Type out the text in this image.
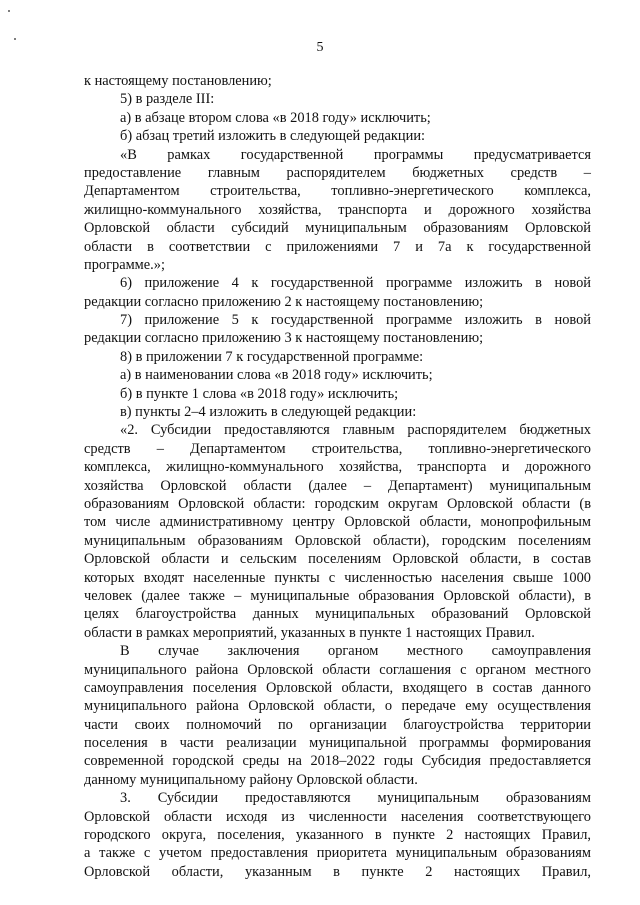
5
к настоящему постановлению;
5) в разделе III:
а) в абзаце втором слова «в 2018 году» исключить;
б) абзац третий изложить в следующей редакции:
«В рамках государственной программы предусматривается
предоставление главным распорядителем бюджетных средств –
Департаментом строительства, топливно-энергетического комплекса,
жилищно-коммунального хозяйства, транспорта и дорожного хозяйства
Орловской области субсидий муниципальным образованиям Орловской
области в соответствии с приложениями 7 и 7а к государственной
программе.»;
6) приложение 4 к государственной программе изложить в новой
редакции согласно приложению 2 к настоящему постановлению;
7) приложение 5 к государственной программе изложить в новой
редакции согласно приложению 3 к настоящему постановлению;
8) в приложении 7 к государственной программе:
а) в наименовании слова «в 2018 году» исключить;
б) в пункте 1 слова «в 2018 году» исключить;
в) пункты 2–4 изложить в следующей редакции:
«2. Субсидии предоставляются главным распорядителем бюджетных
средств – Департаментом строительства, топливно-энергетического
комплекса, жилищно-коммунального хозяйства, транспорта и дорожного
хозяйства Орловской области (далее – Департамент) муниципальным
образованиям Орловской области: городским округам Орловской области (в
том числе административному центру Орловской области, монопрофильным
муниципальным образованиям Орловской области), городским поселениям
Орловской области и сельским поселениям Орловской области, в состав
которых входят населенные пункты с численностью населения свыше 1000
человек (далее также – муниципальные образования Орловской области), в
целях благоустройства данных муниципальных образований Орловской
области в рамках мероприятий, указанных в пункте 1 настоящих Правил.
В случае заключения органом местного самоуправления
муниципального района Орловской области соглашения с органом местного
самоуправления поселения Орловской области, входящего в состав данного
муниципального района Орловской области, о передаче ему осуществления
части своих полномочий по организации благоустройства территории
поселения в части реализации муниципальной программы формирования
современной городской среды на 2018–2022 годы Субсидия предоставляется
данному муниципальному району Орловской области.
3. Субсидии предоставляются муниципальным образованиям
Орловской области исходя из численности населения соответствующего
городского округа, поселения, указанного в пункте 2 настоящих Правил,
а также с учетом предоставления приоритета муниципальным образованиям
Орловской области, указанным в пункте 2 настоящих Правил,
